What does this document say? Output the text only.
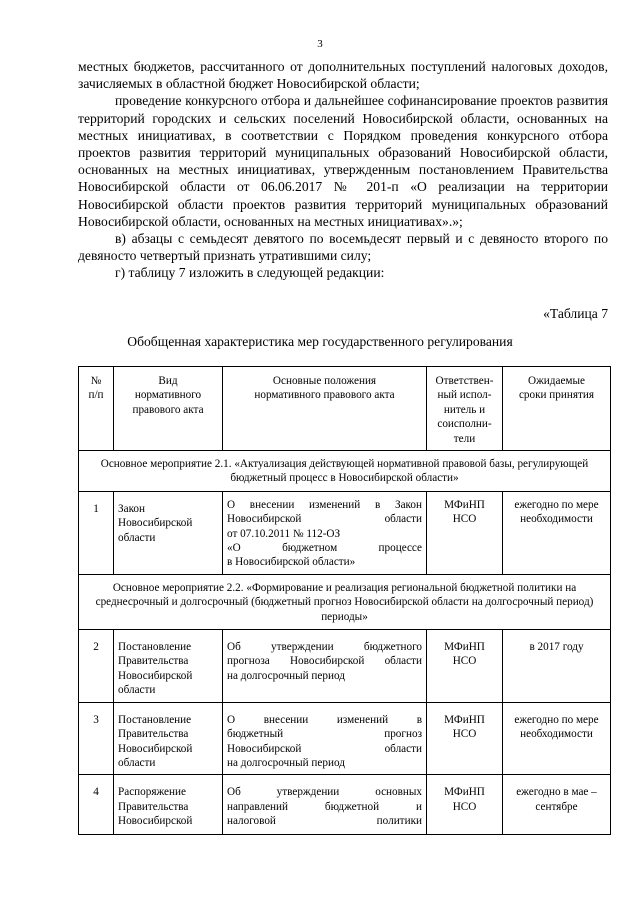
3

местных бюджетов, рассчитанного от дополнительных поступлений налоговых доходов, зачисляемых в областной бюджет Новосибирской области;

проведение конкурсного отбора и дальнейшее софинансирование проектов развития территорий городских и сельских поселений Новосибирской области, основанных на местных инициативах, в соответствии с Порядком проведения конкурсного отбора проектов развития территорий муниципальных образований Новосибирской области, основанных на местных инициативах, утвержденным постановлением Правительства Новосибирской области от 06.06.2017 № 201-п «О реализации на территории Новосибирской области проектов развития территорий муниципальных образований Новосибирской области, основанных на местных инициативах».»;

в) абзацы с семьдесят девятого по восемьдесят первый и с девяносто второго по девяносто четвертый признать утратившими силу;

г) таблицу 7 изложить в следующей редакции:

«Таблица 7
Обобщенная характеристика мер государственного регулирования
№ п/п	Вид нормативного правового акта	Основные положения нормативного правового акта	Ответствен-ный испол-нитель и соисполни-тели	Ожидаемые сроки принятия
Основное мероприятие 2.1. «Актуализация действующей нормативной правовой базы, регулирующей бюджетный процесс в Новосибирской области»				
1	Закон Новосибирской области	О внесении изменений в Закон
Новосибирской области
от 07.10.2011 № 112-ОЗ
«О бюджетном процессе
в Новосибирской области»	МФиНП НСО	ежегодно по мере необходимости
Основное мероприятие 2.2. «Формирование и реализация региональной бюджетной политики на среднесрочный и долгосрочный (бюджетный прогноз Новосибирской области на долгосрочный период) периоды»				
2	Постановление Правительства Новосибирской области	Об утверждении бюджетного
прогноза Новосибирской области
на долгосрочный период	МФиНП НСО	в 2017 году
3	Постановление Правительства Новосибирской области	О внесении изменений в
бюджетный прогноз
Новосибирской области
на долгосрочный период	МФиНП НСО	ежегодно по мере необходимости
4	Распоряжение Правительства Новосибирской	Об утверждении основных
направлений бюджетной и
налоговой политики	МФиНП НСО	ежегодно в мае –сентябре
